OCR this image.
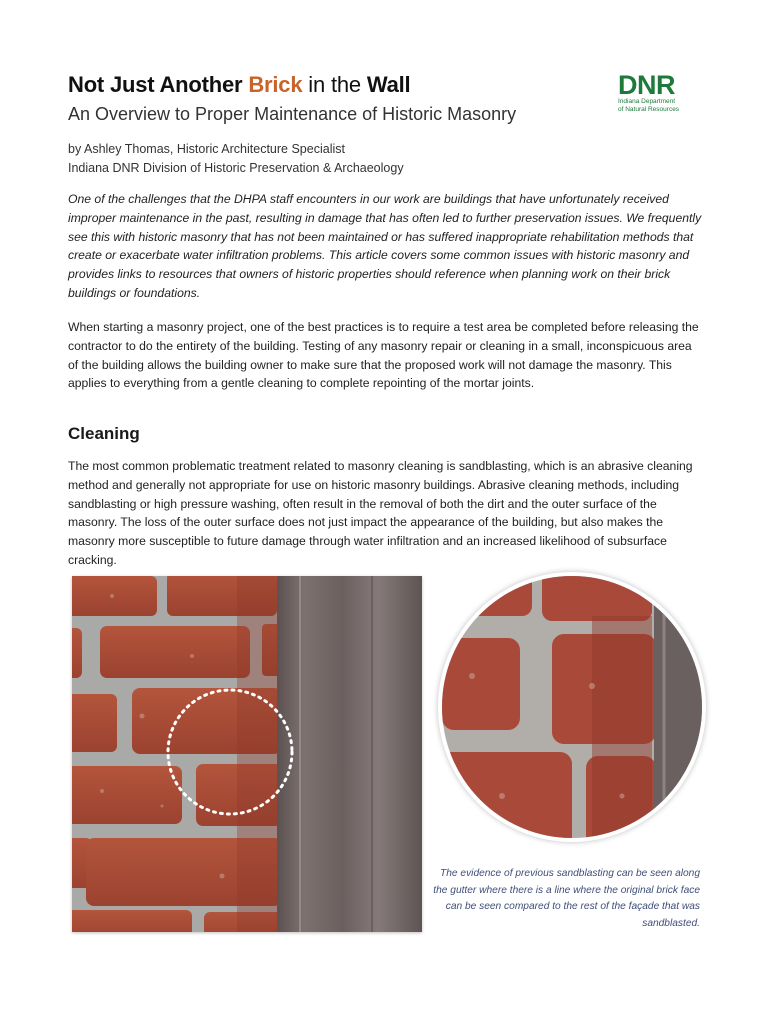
Not Just Another Brick in the Wall
An Overview to Proper Maintenance of Historic Masonry
by Ashley Thomas, Historic Architecture Specialist
Indiana DNR Division of Historic Preservation & Archaeology
DNR
Indiana Department
of Natural Resources
One of the challenges that the DHPA staff encounters in our work are buildings that have unfortunately received improper maintenance in the past, resulting in damage that has often led to further preservation issues. We frequently see this with historic masonry that has not been maintained or has suffered inappropriate rehabilitation methods that create or exacerbate water infiltration problems. This article covers some common issues with historic masonry and provides links to resources that owners of historic properties should reference when planning work on their brick buildings or foundations.
When starting a masonry project, one of the best practices is to require a test area be completed before releasing the contractor to do the entirety of the building. Testing of any masonry repair or cleaning in a small, inconspicuous area of the building allows the building owner to make sure that the proposed work will not damage the masonry. This applies to everything from a gentle cleaning to complete repointing of the mortar joints.
Cleaning
The most common problematic treatment related to masonry cleaning is sandblasting, which is an abrasive cleaning method and generally not appropriate for use on historic masonry buildings. Abrasive cleaning methods, including sandblasting or high pressure washing, often result in the removal of both the dirt and the outer surface of the masonry. The loss of the outer surface does not just impact the appearance of the building, but also makes the masonry more susceptible to future damage through water infiltration and an increased likelihood of subsurface cracking.
The evidence of previous sandblasting can be seen along the gutter where there is a line where the original brick face can be seen compared to the rest of the façade that was sandblasted.
